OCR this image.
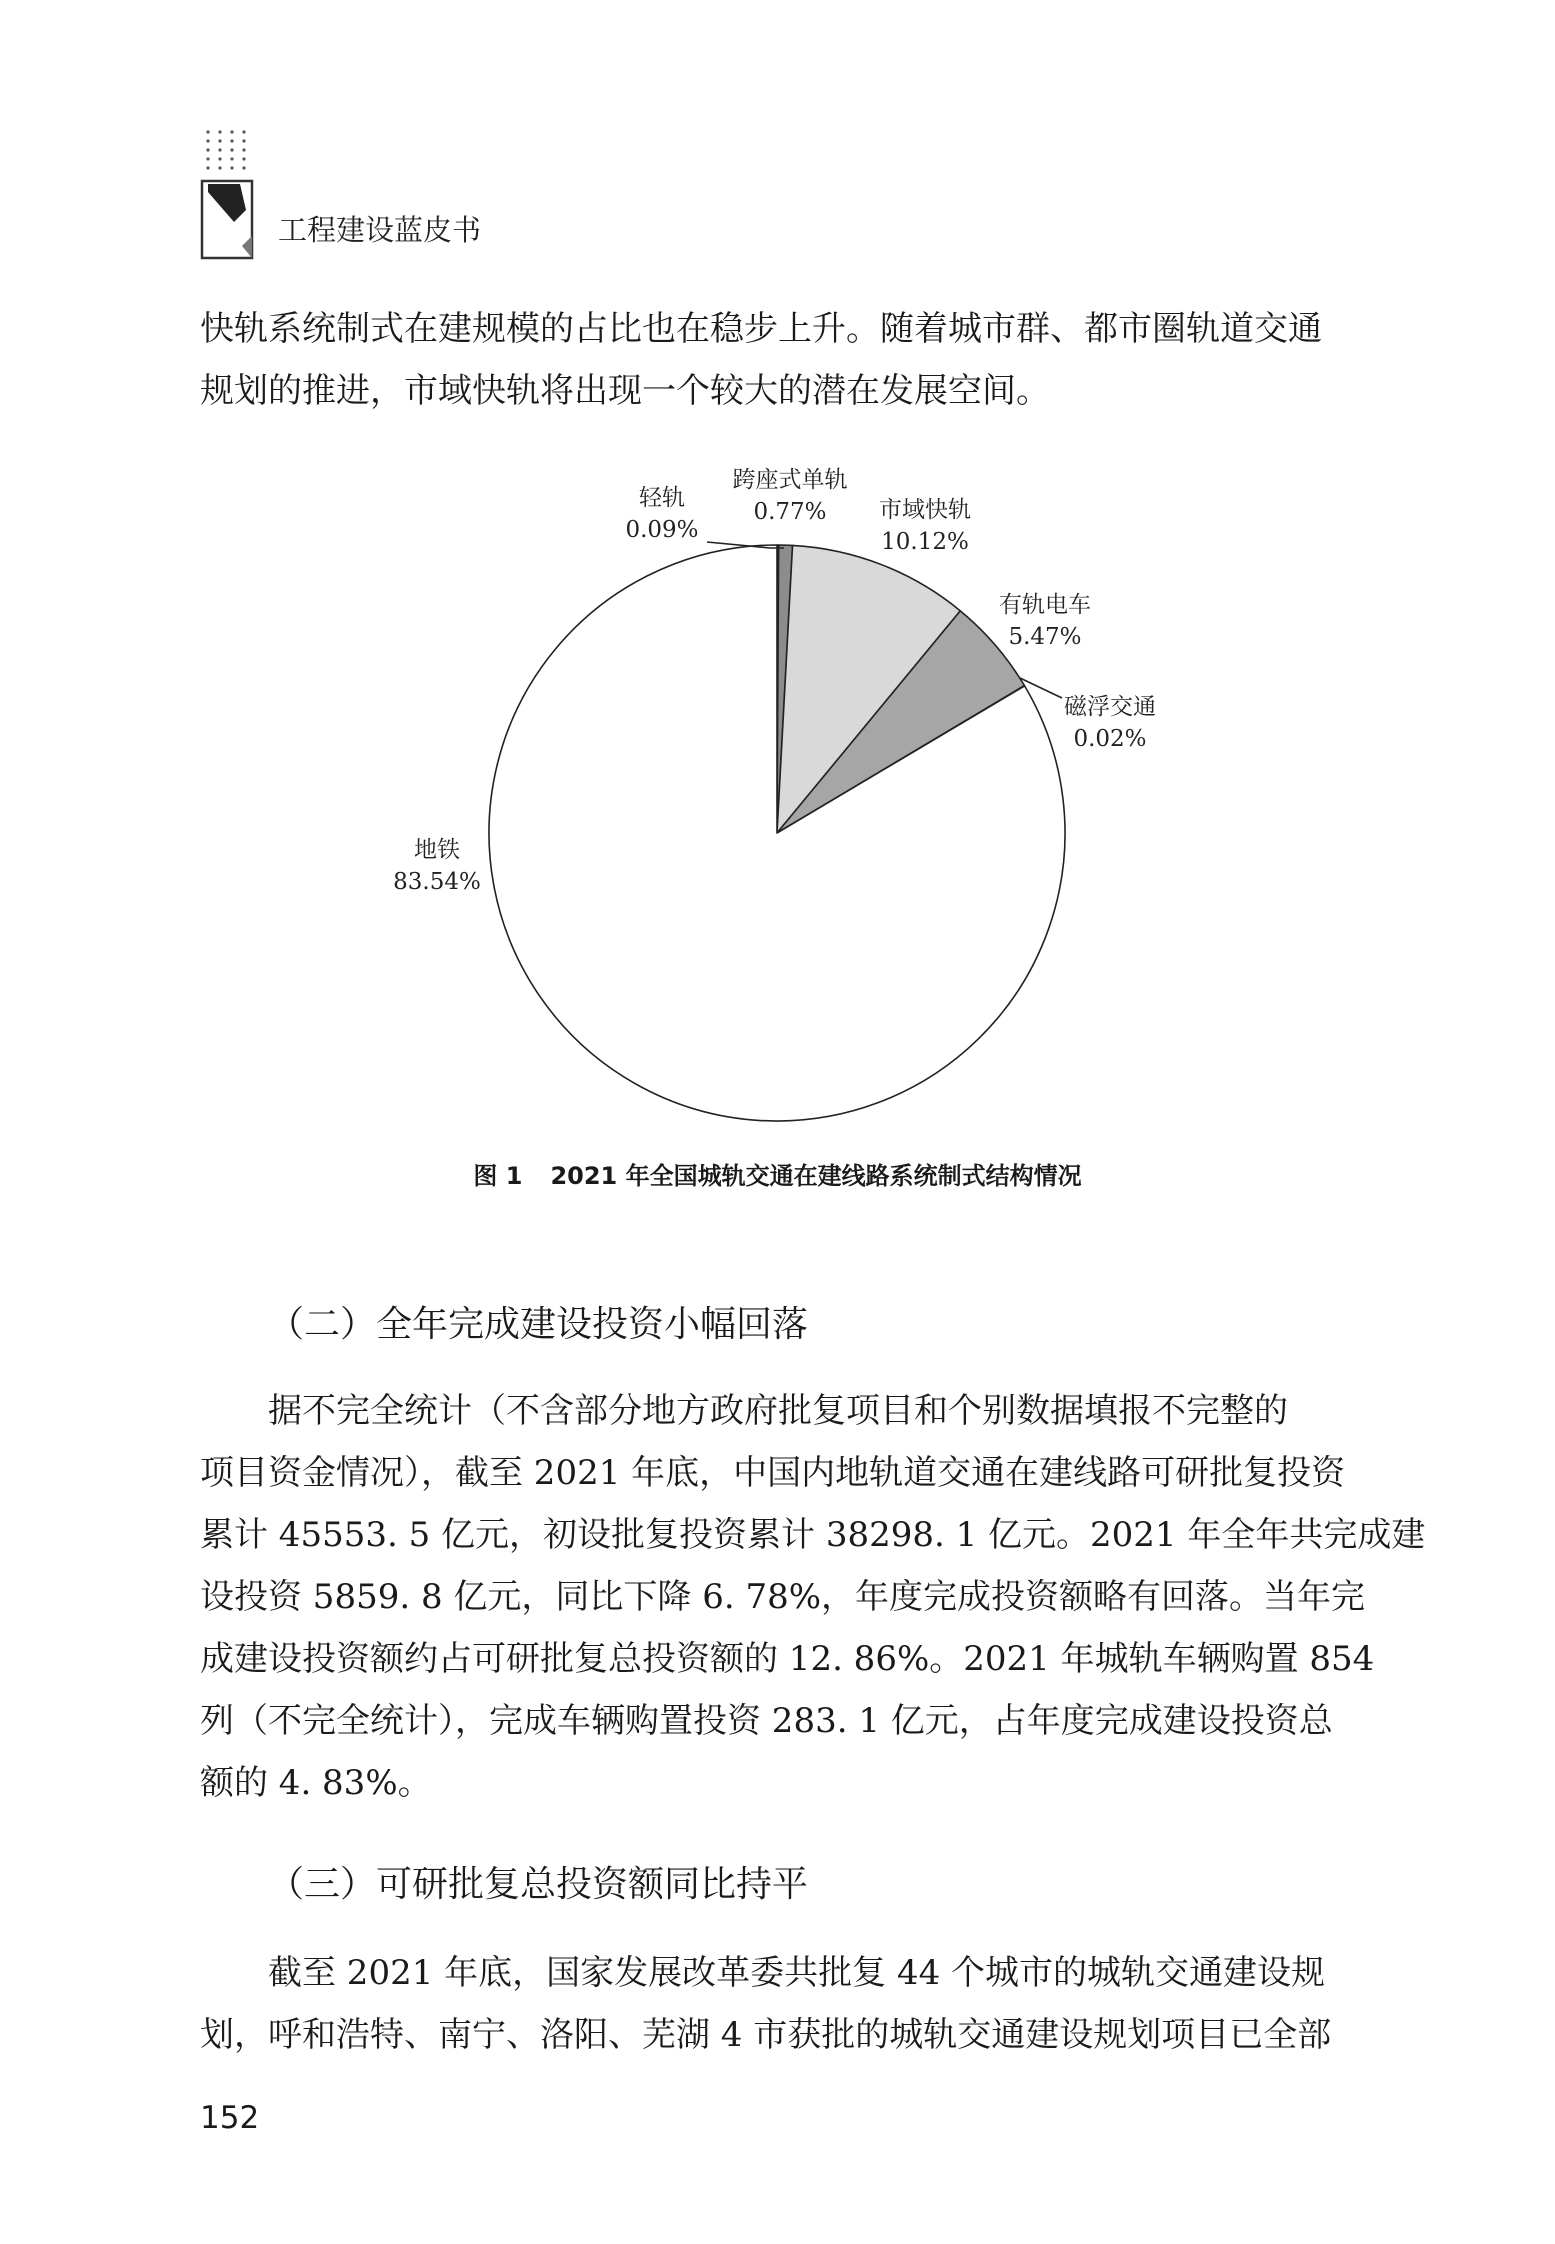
工程建设蓝皮书
快轨系统制式在建规模的占比也在稳步上升。随着城市群、都市圈轨道交通
规划的推进，市域快轨将出现一个较大的潜在发展空间。
轻轨
0.09%
跨座式单轨
0.77% 市域快轨
10.12%
有轨电车
5.47%
磁浮交通
0.02%
地铁
83.54%
图 1 2021 年全国城轨交通在建线路系统制式结构情况
（二）全年完成建设投资小幅回落
据不完全统计（不含部分地方政府批复项目和个别数据填报不完整的
项目资金情况），截至 2021 年底，中国内地轨道交通在建线路可研批复投资
累计 45553. 5 亿元，初设批复投资累计 38298. 1 亿元。2021 年全年共完成建
设投资 5859. 8 亿元，同比下降 6. 78%，年度完成投资额略有回落。当年完
成建设投资额约占可研批复总投资额的 12. 86%。2021 年城轨车辆购置 854
列（不完全统计），完成车辆购置投资 283. 1 亿元，占年度完成建设投资总
额的 4. 83%。
（三）可研批复总投资额同比持平
截至 2021 年底，国家发展改革委共批复 44 个城市的城轨交通建设规
划，呼和浩特、南宁、洛阳、芜湖 4 市获批的城轨交通建设规划项目已全部
152
